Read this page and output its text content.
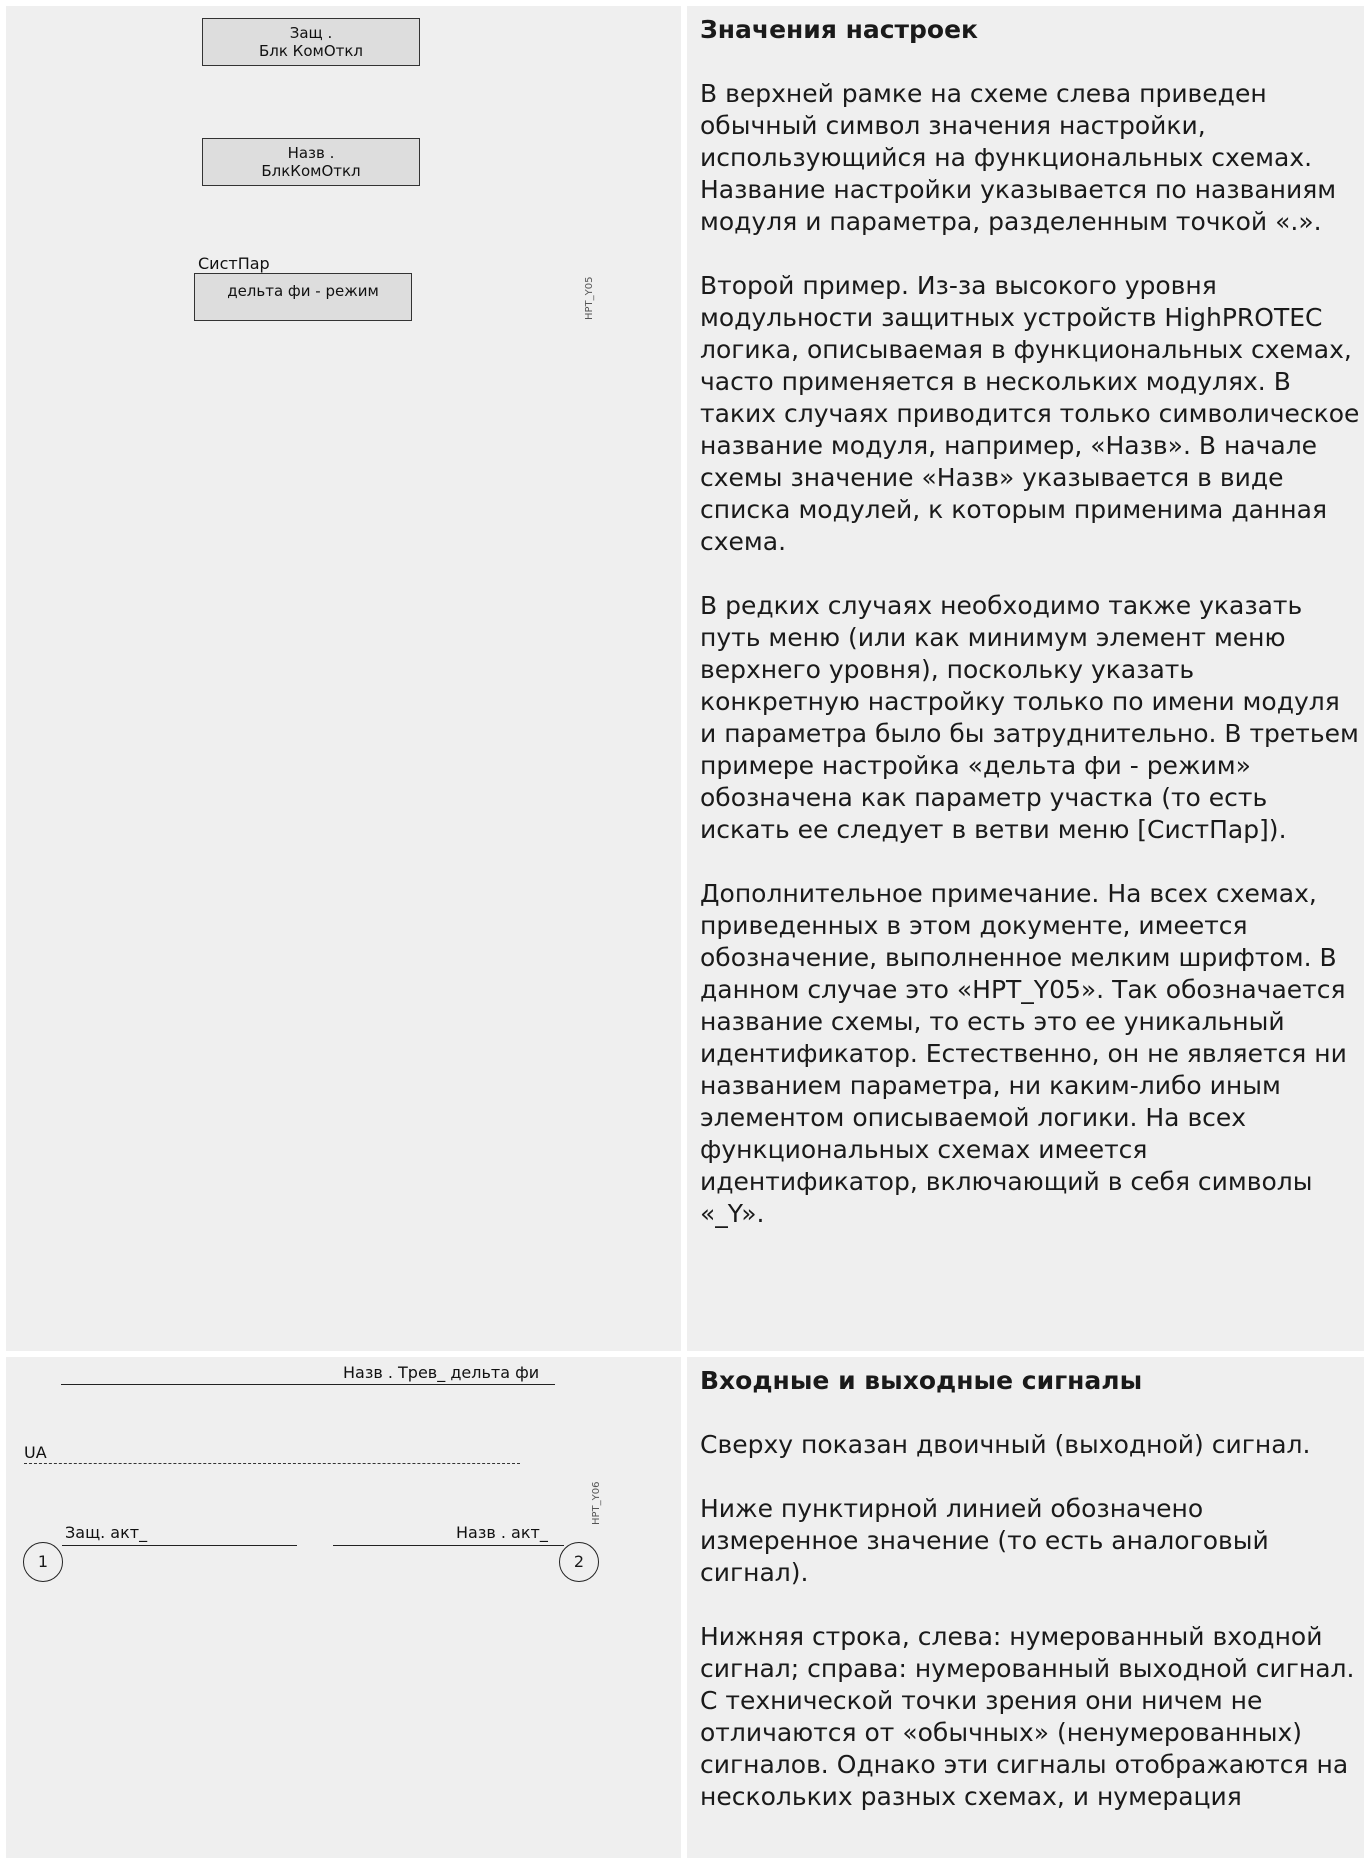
Защ .
Блк КомОткл
Назв .
БлкКомОткл
СистПар
дельта фи - режим	HPT_Y05
Значения настроек

В верхней рамке на схеме слева приведен обычный символ значения настройки, использующийся на функциональных схемах. Название настройки указывается по названиям модуля и параметра, разделенным точкой «.».

Второй пример. Из-за высокого уровня модульности защитных устройств HighPROTEC логика, описываемая в функциональных схемах, часто применяется в нескольких модулях. В таких случаях приводится только символическое название модуля, например, «Назв». В начале схемы значение «Назв» указывается в виде списка модулей, к которым применима данная схема.

В редких случаях необходимо также указать путь меню (или как минимум элемент меню верхнего уровня), поскольку указать конкретную настройку только по имени модуля и параметра было бы затруднительно. В третьем примере настройка «дельта фи - режим» обозначена как параметр участка (то есть искать ее следует в ветви меню [СистПар]).

Дополнительное примечание. На всех схемах, приведенных в этом документе, имеется обозначение, выполненное мелким шрифтом. В данном случае это «HPT_Y05». Так обозначается название схемы, то есть это ее уникальный идентификатор. Естественно, он не является ни названием параметра, ни каким-либо иным элементом описываемой логики. На всех функциональных схемах имеется идентификатор, включающий в себя символы «_Y».

Назв . Трев_ дельта фи
UA
1
Защ. акт_	Назв . акт_
2
HPT_Y06
Входные и выходные сигналы

Сверху показан двоичный (выходной) сигнал.

Ниже пунктирной линией обозначено измеренное значение (то есть аналоговый сигнал).

Нижняя строка, слева: нумерованный входной сигнал; справа: нумерованный выходной сигнал. С технической точки зрения они ничем не отличаются от «обычных» (ненумерованных) сигналов. Однако эти сигналы отображаются на нескольких разных схемах, и нумерация
